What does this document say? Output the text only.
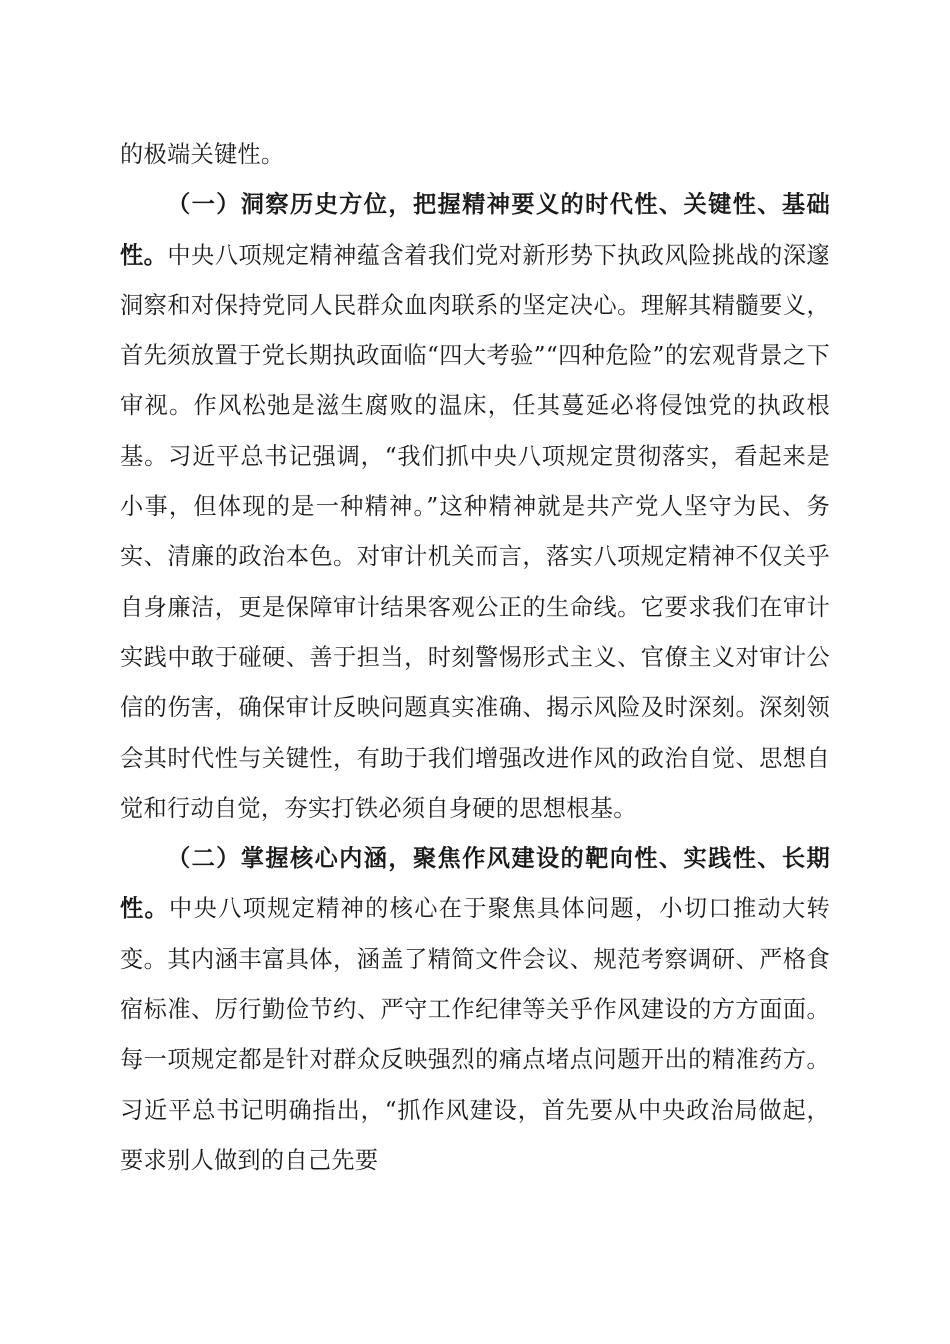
的极端关键性。

（一）洞察历史方位，把握精神要义的时代性、关键性、基础性。中央八项规定精神蕴含着我们党对新形势下执政风险挑战的深邃洞察和对保持党同人民群众血肉联系的坚定决心。理解其精髓要义，首先须放置于党长期执政面临“四大考验”“四种危险”的宏观背景之下审视。作风松弛是滋生腐败的温床，任其蔓延必将侵蚀党的执政根基。习近平总书记强调，“我们抓中央八项规定贯彻落实，看起来是小事，但体现的是一种精神。”这种精神就是共产党人坚守为民、务实、清廉的政治本色。对审计机关而言，落实八项规定精神不仅关乎自身廉洁，更是保障审计结果客观公正的生命线。它要求我们在审计实践中敢于碰硬、善于担当，时刻警惕形式主义、官僚主义对审计公信的伤害，确保审计反映问题真实准确、揭示风险及时深刻。深刻领会其时代性与关键性，有助于我们增强改进作风的政治自觉、思想自觉和行动自觉，夯实打铁必须自身硬的思想根基。

（二）掌握核心内涵，聚焦作风建设的靶向性、实践性、长期性。中央八项规定精神的核心在于聚焦具体问题，小切口推动大转变。其内涵丰富具体，涵盖了精简文件会议、规范考察调研、严格食宿标准、厉行勤俭节约、严守工作纪律等关乎作风建设的方方面面。每一项规定都是针对群众反映强烈的痛点堵点问题开出的精准药方。习近平总书记明确指出，“抓作风建设，首先要从中央政治局做起，要求别人做到的自己先要
